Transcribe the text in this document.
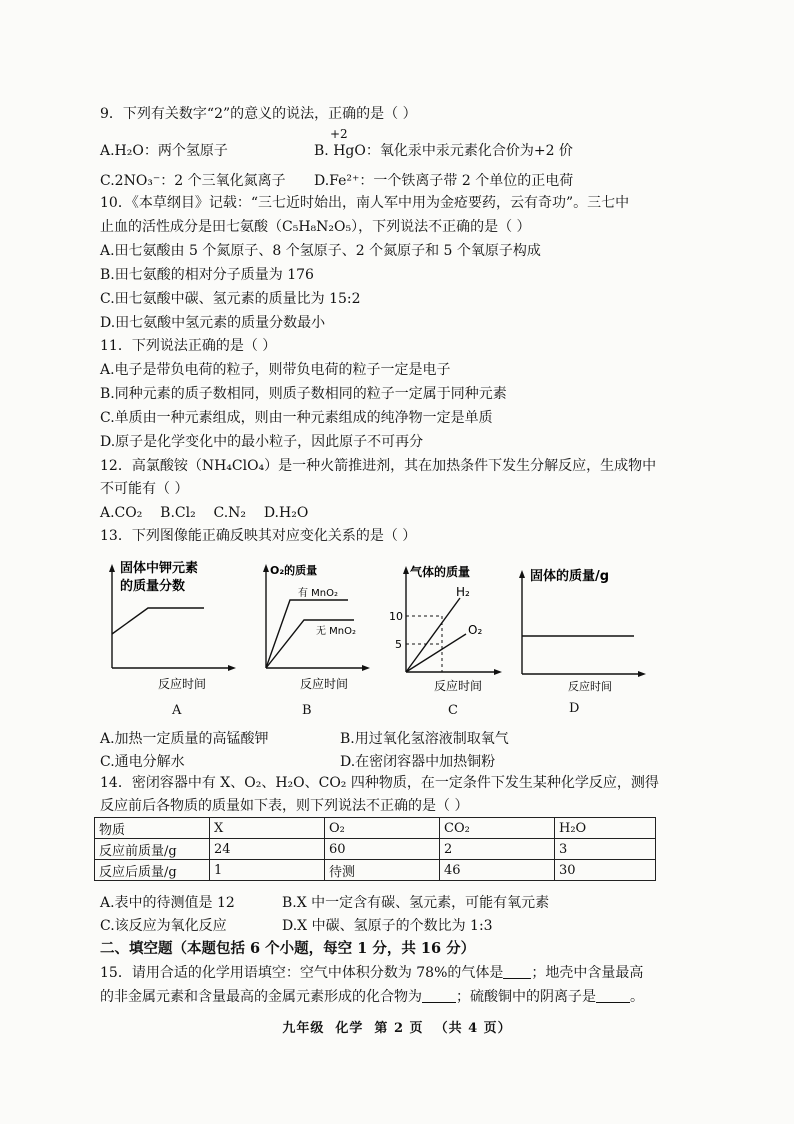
9．下列有关数字“2”的意义的说法，正确的是（ ）
A.H₂O：两个氢原子
+2
B. HgO：氧化汞中汞元素化合价为+2 价
C.2NO₃⁻：2 个三氧化氮离子 D.Fe²⁺：一个铁离子带 2 个单位的正电荷
10．《本草纲目》记载：“三七近时始出，南人军中用为金疮要药，云有奇功”。三七中
止血的活性成分是田七氨酸（C₅H₈N₂O₅），下列说法不正确的是（ ）
A.田七氨酸由 5 个氮原子、8 个氢原子、2 个氮原子和 5 个氧原子构成
B.田七氨酸的相对分子质量为 176
C.田七氨酸中碳、氢元素的质量比为 15:2
D.田七氨酸中氢元素的质量分数最小
11．下列说法正确的是（ ）
A.电子是带负电荷的粒子，则带负电荷的粒子一定是电子
B.同种元素的质子数相同，则质子数相同的粒子一定属于同种元素
C.单质由一种元素组成，则由一种元素组成的纯净物一定是单质
D.原子是化学变化中的最小粒子，因此原子不可再分
12．高氯酸铵（NH₄ClO₄）是一种火箭推进剂，其在加热条件下发生分解反应，生成物中
不可能有（ ）
A.CO₂    B.Cl₂    C.N₂    D.H₂O
13．下列图像能正确反映其对应变化关系的是（ ）
固体中钾元素
的质量分数
反应时间
A
O₂的质量
有 MnO₂
无 MnO₂
反应时间
B
气体的质量
10
5
H₂
O₂
反应时间
C
固体的质量/g
反应时间
D
A.加热一定质量的高锰酸钾	B.用过氧化氢溶液制取氧气
C.通电分解水	D.在密闭容器中加热铜粉
14．密闭容器中有 X、O₂、H₂O、CO₂ 四种物质，在一定条件下发生某种化学反应，测得
反应前后各物质的质量如下表，则下列说法不正确的是（ ）
物质	X	O₂	CO₂	H₂O
反应前质量/g	24	60	2	3
反应后质量/g	1	待测	46	30
A.表中的待测值是 12	B.X 中一定含有碳、氢元素，可能有氧元素
C.该反应为氧化反应	D.X 中碳、氢原子的个数比为 1:3
二、填空题（本题包括 6 个小题，每空 1 分，共 16 分）
15．请用合适的化学用语填空：空气中体积分数为 78%的气体是 ；地壳中含量最高
的非金属元素和含量最高的金属元素形成的化合物为 ；硫酸铜中的阴离子是 。
九年级  化学  第 2 页  （共 4 页）
